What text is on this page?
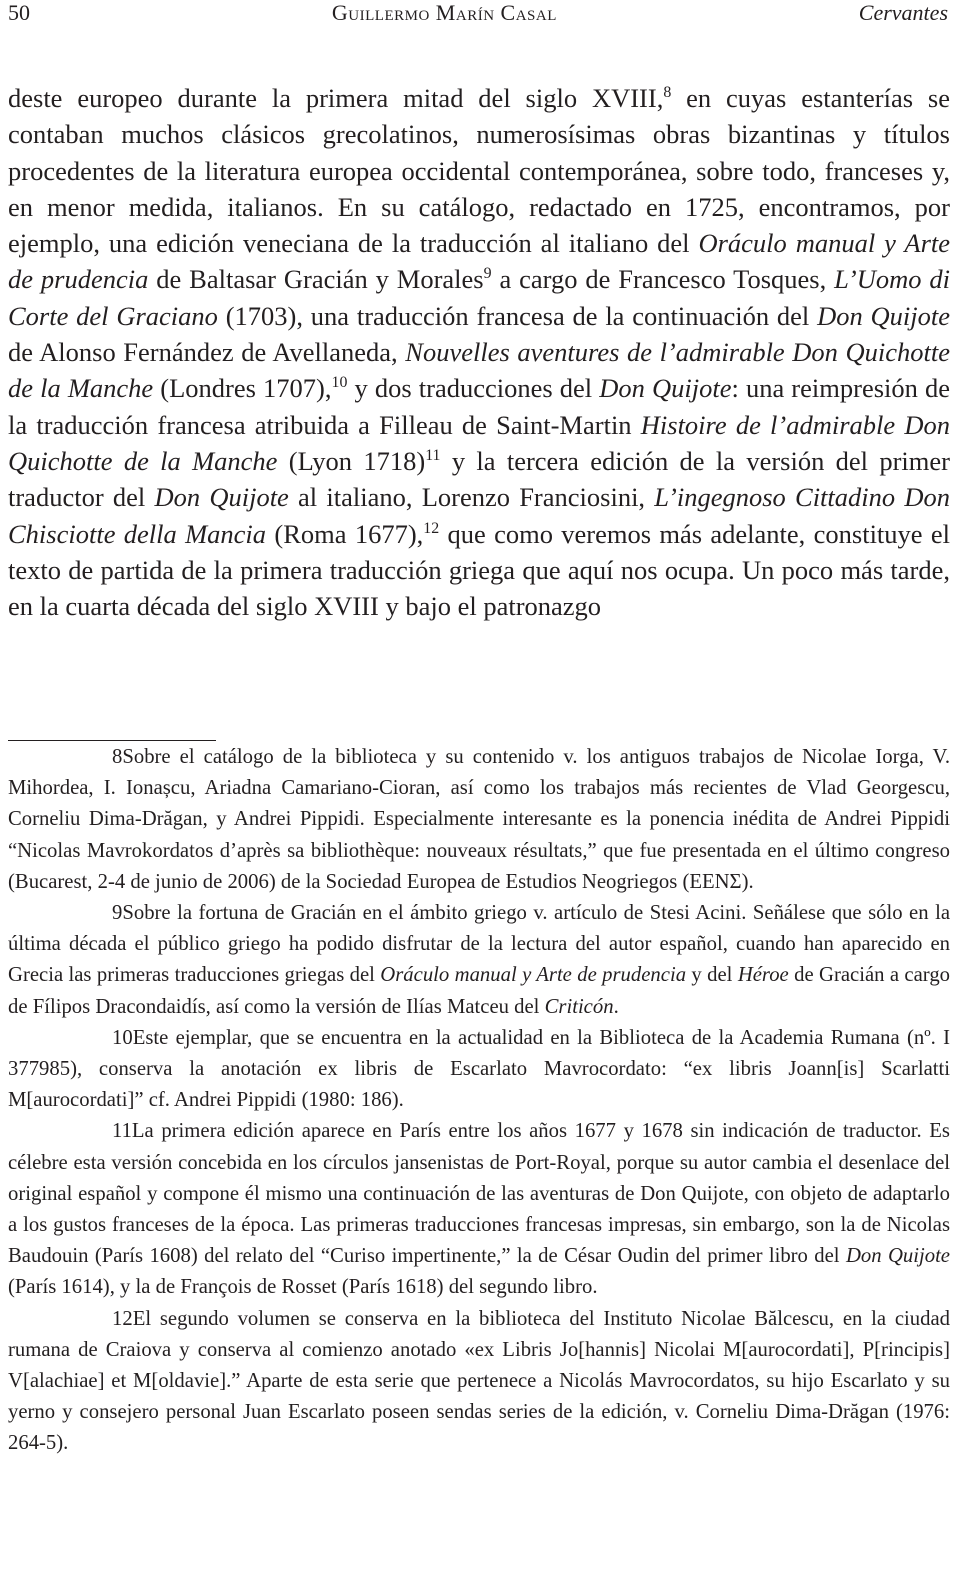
50	Guillermo Marín Casal	Cervantes

deste europeo durante la primera mitad del siglo XVIII,$^8$ en cuyas estanterías se contaban muchos clásicos grecolatinos, numerosísimas obras bizantinas y títulos procedentes de la literatura europea occidental contemporánea, sobre todo, franceses y, en menor medida, italianos. En su catálogo, redactado en 1725, encontramos, por ejemplo, una edición veneciana de la traducción al italiano del Oráculo manual y Arte de prudencia de Baltasar Gracián y Morales$^9$ a cargo de Francesco Tosques, L’Uomo di Corte del Graciano (1703), una traducción francesa de la continuación del Don Quijote de Alonso Fernández de Avellaneda, Nouvelles aventures de l’admirable Don Quichotte de la Manche (Londres 1707),$^{10}$ y dos traducciones del Don Quijote: una reimpresión de la traducción francesa atribuida a Filleau de Saint-Martin Histoire de l’admirable Don Quichotte de la Manche (Lyon 1718)$^{11}$ y la tercera edición de la versión del primer traductor del Don Quijote al italiano, Lorenzo Franciosini, L’ingegnoso Cittadino Don Chisciotte della Mancia (Roma 1677),$^{12}$ que como veremos más adelante, constituye el texto de partida de la primera traducción griega que aquí nos ocupa. Un poco más tarde, en la cuarta década del siglo XVIII y bajo el patronazgo

8Sobre el catálogo de la biblioteca y su contenido v. los antiguos trabajos de Nicolae Iorga, V. Mihordea, I. Ionașcu, Ariadna Camariano-Cioran, así como los trabajos más recientes de Vlad Georgescu, Corneliu Dima-Drăgan, y Andrei Pippidi. Especialmente interesante es la ponencia inédita de Andrei Pippidi “Nicolas Mavrokordatos d’après sa bibliothèque: nouveaux résultats,” que fue presentada en el último congreso (Bucarest, 2-4 de junio de 2006) de la Sociedad Europea de Estudios Neogriegos (ΕΕΝΣ).

9Sobre la fortuna de Gracián en el ámbito griego v. artículo de Stesi Acini. Señálese que sólo en la última década el público griego ha podido disfrutar de la lectura del autor español, cuando han aparecido en Grecia las primeras traducciones griegas del Oráculo manual y Arte de prudencia y del Héroe de Gracián a cargo de Fílipos Dracondaidís, así como la versión de Ilías Matceu del Criticón.

10Este ejemplar, que se encuentra en la actualidad en la Biblioteca de la Academia Rumana (nº. I 377985), conserva la anotación ex libris de Escarlato Mavrocordato: “ex libris Joann[is] Scarlatti M[aurocordati]” cf. Andrei Pippidi (1980: 186).

11La primera edición aparece en París entre los años 1677 y 1678 sin indicación de traductor. Es célebre esta versión concebida en los círculos jansenistas de Port-Royal, porque su autor cambia el desenlace del original español y compone él mismo una continuación de las aventuras de Don Quijote, con objeto de adaptarlo a los gustos franceses de la época. Las primeras traducciones francesas impresas, sin embargo, son la de Nicolas Baudouin (París 1608) del relato del “Curiso impertinente,” la de César Oudin del primer libro del Don Quijote (París 1614), y la de François de Rosset (París 1618) del segundo libro.

12El segundo volumen se conserva en la biblioteca del Instituto Nicolae Bălcescu, en la ciudad rumana de Craiova y conserva al comienzo anotado «ex Libris Jo[hannis] Nicolai M[aurocordati], P[rincipis] V[alachiae] et M[oldavie].” Aparte de esta serie que pertenece a Nicolás Mavrocordatos, su hijo Escarlato y su yerno y consejero personal Juan Escarlato poseen sendas series de la edición, v. Corneliu Dima-Drăgan (1976: 264-5).
